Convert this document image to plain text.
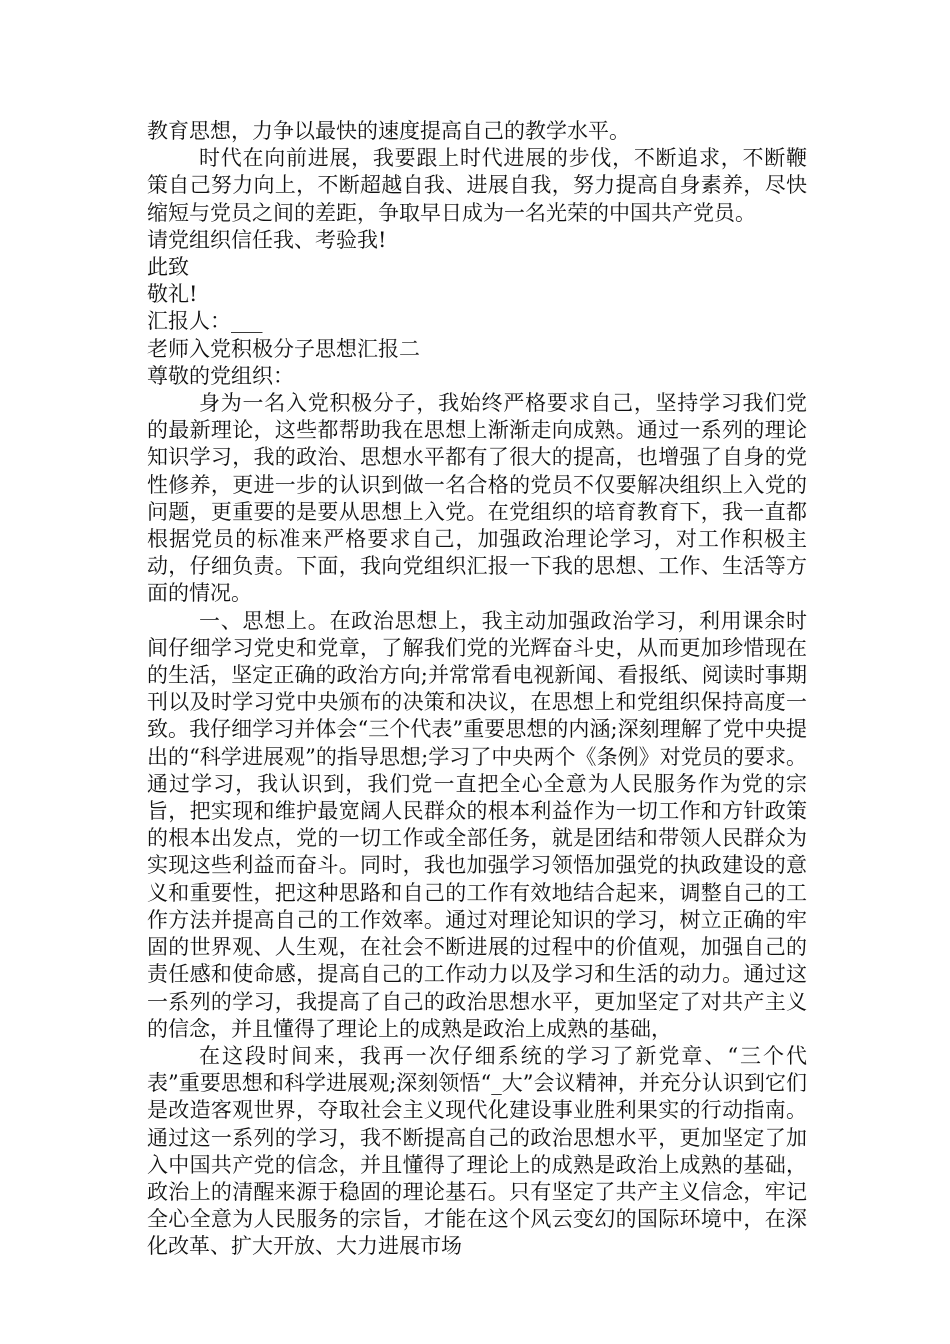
教育思想，力争以最快的速度提高自己的教学水平。

时代在向前进展，我要跟上时代进展的步伐，不断追求，不断鞭策自己努力向上，不断超越自我、进展自我，努力提高自身素养，尽快缩短与党员之间的差距，争取早日成为一名光荣的中国共产党员。

请党组织信任我、考验我!

此致

敬礼!

汇报人：___

老师入党积极分子思想汇报二

尊敬的党组织：

身为一名入党积极分子，我始终严格要求自己，坚持学习我们党的最新理论，这些都帮助我在思想上渐渐走向成熟。通过一系列的理论知识学习，我的政治、思想水平都有了很大的提高，也增强了自身的党性修养，更进一步的认识到做一名合格的党员不仅要解决组织上入党的问题，更重要的是要从思想上入党。在党组织的培育教育下，我一直都根据党员的标准来严格要求自己，加强政治理论学习，对工作积极主动，仔细负责。下面，我向党组织汇报一下我的思想、工作、生活等方面的情况。

一、思想上。在政治思想上，我主动加强政治学习，利用课余时间仔细学习党史和党章，了解我们党的光辉奋斗史，从而更加珍惜现在的生活，坚定正确的政治方向;并常常看电视新闻、看报纸、阅读时事期刊以及时学习党中央颁布的决策和决议，在思想上和党组织保持高度一致。我仔细学习并体会“三个代表”重要思想的内涵;深刻理解了党中央提出的“科学进展观”的指导思想;学习了中央两个《条例》对党员的要求。通过学习，我认识到，我们党一直把全心全意为人民服务作为党的宗旨，把实现和维护最宽阔人民群众的根本利益作为一切工作和方针政策的根本出发点，党的一切工作或全部任务，就是团结和带领人民群众为实现这些利益而奋斗。同时，我也加强学习领悟加强党的执政建设的意义和重要性，把这种思路和自己的工作有效地结合起来，调整自己的工作方法并提高自己的工作效率。通过对理论知识的学习，树立正确的牢固的世界观、人生观，在社会不断进展的过程中的价值观，加强自己的责任感和使命感，提高自己的工作动力以及学习和生活的动力。通过这一系列的学习，我提高了自己的政治思想水平，更加坚定了对共产主义的信念，并且懂得了理论上的成熟是政治上成熟的基础，

在这段时间来，我再一次仔细系统的学习了新党章、“三个代表”重要思想和科学进展观;深刻领悟“_大”会议精神，并充分认识到它们是改造客观世界，夺取社会主义现代化建设事业胜利果实的行动指南。通过这一系列的学习，我不断提高自己的政治思想水平，更加坚定了加入中国共产党的信念，并且懂得了理论上的成熟是政治上成熟的基础，政治上的清醒来源于稳固的理论基石。只有坚定了共产主义信念，牢记全心全意为人民服务的宗旨，才能在这个风云变幻的国际环境中，在深化改革、扩大开放、大力进展市场
